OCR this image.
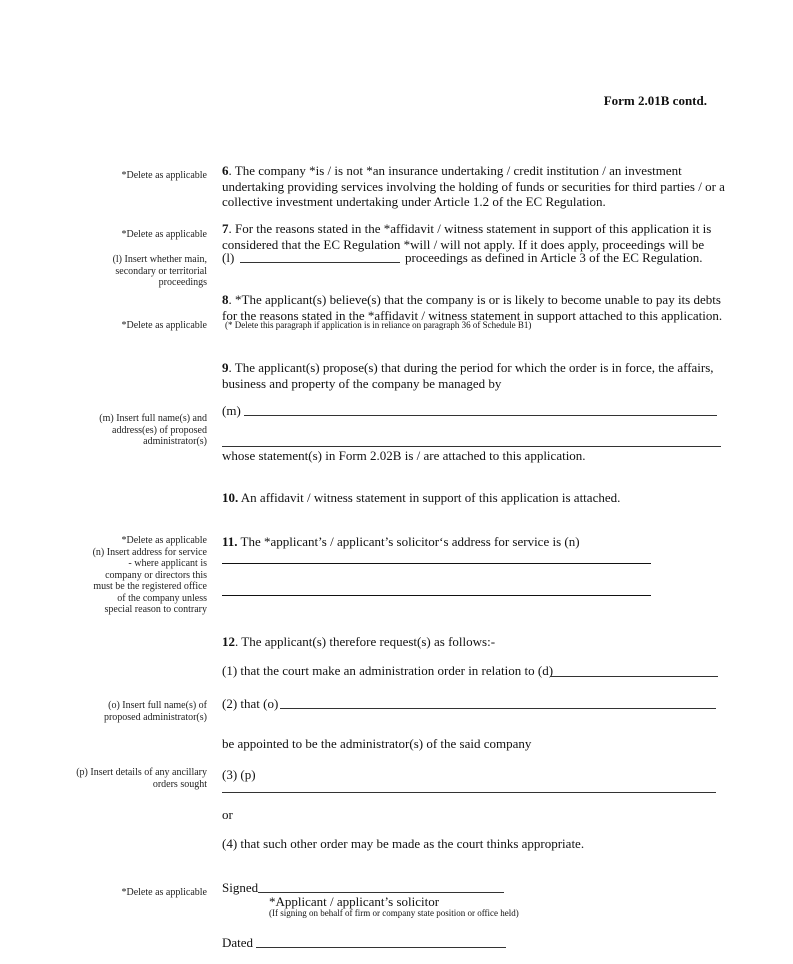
Form 2.01B contd.
*Delete as applicable 6. The company *is / is not *an insurance undertaking / credit institution / an investment undertaking providing services involving the holding of funds or securities for third parties / or a collective investment undertaking under Article 1.2 of the EC Regulation.
*Delete as applicable
(l) Insert whether main,
secondary or territorial
proceedings
7. For the reasons stated in the *affidavit / witness statement in support of this application it is considered that the EC Regulation *will / will not apply. If it does apply, proceedings will be
(l)	proceedings as defined in Article 3 of the EC Regulation.
*Delete as applicable
8. *The applicant(s) believe(s) that the company is or is likely to become unable to pay its debts for the reasons stated in the *affidavit / witness statement in support attached to this application.
(* Delete this paragraph if application is in reliance on paragraph 36 of Schedule B1)
9. The applicant(s) propose(s) that during the period for which the order is in force, the affairs, business and property of the company be managed by
(m) Insert full name(s) and
address(es) of proposed
administrator(s)
(m)
whose statement(s) in Form 2.02B is / are attached to this application.
10. An affidavit / witness statement in support of this application is attached.
*Delete as applicable
(n) Insert address for service
- where applicant is
company or directors this
must be the registered office
of the company unless
special reason to contrary
11. The *applicant’s / applicant’s solicitor‘s address for service is (n)
12. The applicant(s) therefore request(s) as follows:-
(1) that the court make an administration order in relation to (d)
(o) Insert full name(s) of
proposed administrator(s)
(2) that (o)
be appointed to be the administrator(s) of the said company
(p) Insert details of any ancillary
orders sought
(3) (p)
or
(4) that such other order may be made as the court thinks appropriate.
*Delete as applicable Signed
*Applicant / applicant’s solicitor
(If signing on behalf of firm or company state position or office held)
Dated
